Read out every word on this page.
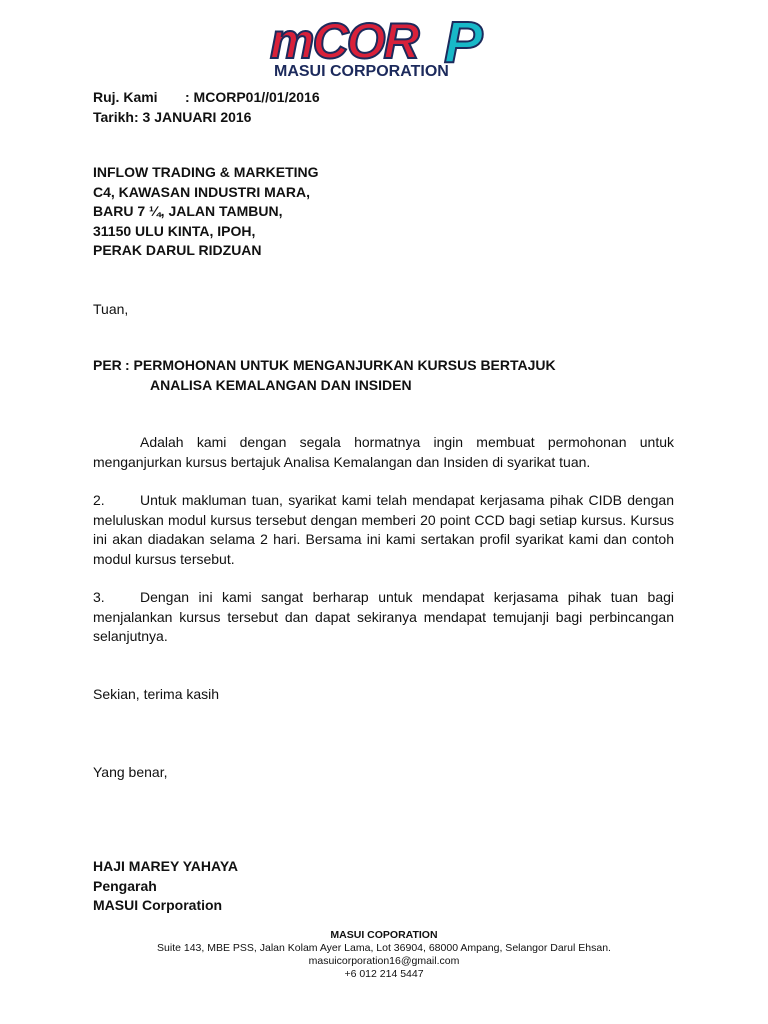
mCOR P
MASUI CORPORATION
Ruj. Kami : MCORP01//01/2016
Tarikh: 3 JANUARI 2016
INFLOW TRADING & MARKETING
C4, KAWASAN INDUSTRI MARA,
BARU 7 ¼, JALAN TAMBUN,
31150 ULU KINTA, IPOH,
PERAK DARUL RIDZUAN
Tuan,
PER : PERMOHONAN UNTUK MENGANJURKAN KURSUS BERTAJUK
ANALISA KEMALANGAN DAN INSIDEN
Adalah kami dengan segala hormatnya ingin membuat permohonan untuk menganjurkan kursus bertajuk Analisa Kemalangan dan Insiden di syarikat tuan.
2.	Untuk makluman tuan, syarikat kami telah mendapat kerjasama pihak CIDB dengan meluluskan modul kursus tersebut dengan memberi 20 point CCD bagi setiap kursus. Kursus ini akan diadakan selama 2 hari. Bersama ini kami sertakan profil syarikat kami dan contoh modul kursus tersebut.
3.	Dengan ini kami sangat berharap untuk mendapat kerjasama pihak tuan bagi menjalankan kursus tersebut dan dapat sekiranya mendapat temujanji bagi perbincangan selanjutnya.
Sekian, terima kasih
Yang benar,
HAJI MAREY YAHAYA
Pengarah
MASUI Corporation
MASUI COPORATION
Suite 143, MBE PSS, Jalan Kolam Ayer Lama, Lot 36904, 68000 Ampang, Selangor Darul Ehsan.
masuicorporation16@gmail.com
+6 012 214 5447
